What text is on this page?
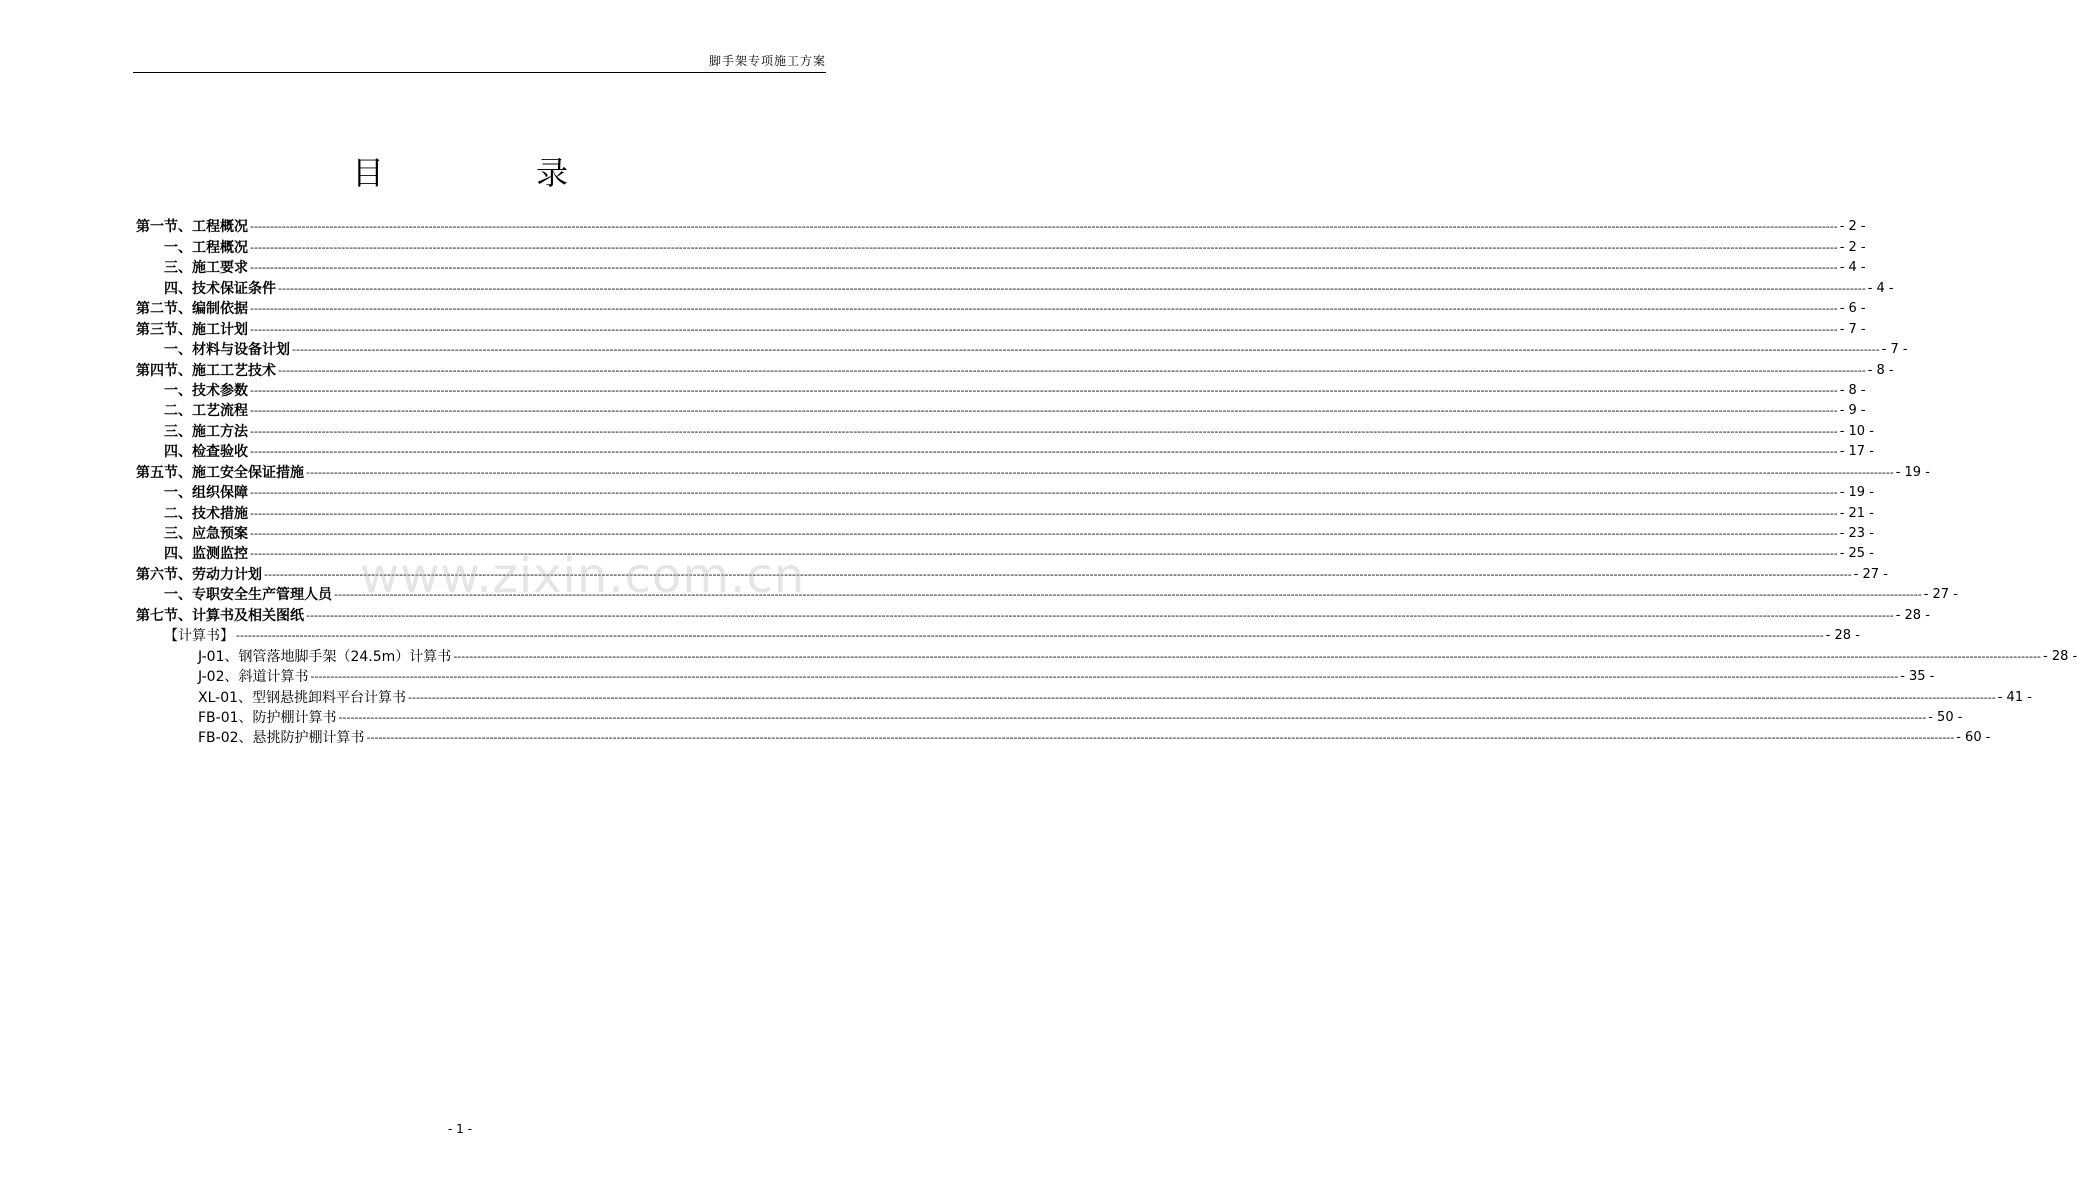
脚手架专项施工方案
目　录
第一节、工程概况 ---------------------------------------------------------------------------------------------------------------------------------------------------------------------------------------------------------------------------------------------------------------------------------------------------------------------------------------------------------------------------------------------------------------- - 2 -
一、工程概况 ---------------------------------------------------------------------------------------------------------------------------------------------------------------------------------------------------------------------------------------------------------------------------------------------------------------------------------------------------------------------------------------------------------------- - 2 -
三、施工要求 ---------------------------------------------------------------------------------------------------------------------------------------------------------------------------------------------------------------------------------------------------------------------------------------------------------------------------------------------------------------------------------------------------------------- - 4 -
四、技术保证条件 ---------------------------------------------------------------------------------------------------------------------------------------------------------------------------------------------------------------------------------------------------------------------------------------------------------------------------------------------------------------------------------------------------------------- - 4 -
第二节、编制依据 ---------------------------------------------------------------------------------------------------------------------------------------------------------------------------------------------------------------------------------------------------------------------------------------------------------------------------------------------------------------------------------------------------------------- - 6 -
第三节、施工计划 ---------------------------------------------------------------------------------------------------------------------------------------------------------------------------------------------------------------------------------------------------------------------------------------------------------------------------------------------------------------------------------------------------------------- - 7 -
一、材料与设备计划 ---------------------------------------------------------------------------------------------------------------------------------------------------------------------------------------------------------------------------------------------------------------------------------------------------------------------------------------------------------------------------------------------------------------- - 7 -
第四节、施工工艺技术 ---------------------------------------------------------------------------------------------------------------------------------------------------------------------------------------------------------------------------------------------------------------------------------------------------------------------------------------------------------------------------------------------------------------- - 8 -
一、技术参数 ---------------------------------------------------------------------------------------------------------------------------------------------------------------------------------------------------------------------------------------------------------------------------------------------------------------------------------------------------------------------------------------------------------------- - 8 -
二、工艺流程 ---------------------------------------------------------------------------------------------------------------------------------------------------------------------------------------------------------------------------------------------------------------------------------------------------------------------------------------------------------------------------------------------------------------- - 9 -
三、施工方法 ---------------------------------------------------------------------------------------------------------------------------------------------------------------------------------------------------------------------------------------------------------------------------------------------------------------------------------------------------------------------------------------------------------------- - 10 -
四、检查验收 ---------------------------------------------------------------------------------------------------------------------------------------------------------------------------------------------------------------------------------------------------------------------------------------------------------------------------------------------------------------------------------------------------------------- - 17 -
第五节、施工安全保证措施 ---------------------------------------------------------------------------------------------------------------------------------------------------------------------------------------------------------------------------------------------------------------------------------------------------------------------------------------------------------------------------------------------------------------- - 19 -
一、组织保障 ---------------------------------------------------------------------------------------------------------------------------------------------------------------------------------------------------------------------------------------------------------------------------------------------------------------------------------------------------------------------------------------------------------------- - 19 -
二、技术措施 ---------------------------------------------------------------------------------------------------------------------------------------------------------------------------------------------------------------------------------------------------------------------------------------------------------------------------------------------------------------------------------------------------------------- - 21 -
三、应急预案 ---------------------------------------------------------------------------------------------------------------------------------------------------------------------------------------------------------------------------------------------------------------------------------------------------------------------------------------------------------------------------------------------------------------- - 23 -
四、监测监控 ---------------------------------------------------------------------------------------------------------------------------------------------------------------------------------------------------------------------------------------------------------------------------------------------------------------------------------------------------------------------------------------------------------------- - 25 -
第六节、劳动力计划 ---------------------------------------------------------------------------------------------------------------------------------------------------------------------------------------------------------------------------------------------------------------------------------------------------------------------------------------------------------------------------------------------------------------- - 27 -
一、专职安全生产管理人员 ---------------------------------------------------------------------------------------------------------------------------------------------------------------------------------------------------------------------------------------------------------------------------------------------------------------------------------------------------------------------------------------------------------------- - 27 -
第七节、计算书及相关图纸 ---------------------------------------------------------------------------------------------------------------------------------------------------------------------------------------------------------------------------------------------------------------------------------------------------------------------------------------------------------------------------------------------------------------- - 28 -
【计算书】 ---------------------------------------------------------------------------------------------------------------------------------------------------------------------------------------------------------------------------------------------------------------------------------------------------------------------------------------------------------------------------------------------------------------- - 28 -
J-01、钢管落地脚手架（24.5m）计算书 ---------------------------------------------------------------------------------------------------------------------------------------------------------------------------------------------------------------------------------------------------------------------------------------------------------------------------------------------------------------------------------------------------------------- - 28 -
J-02、斜道计算书 ---------------------------------------------------------------------------------------------------------------------------------------------------------------------------------------------------------------------------------------------------------------------------------------------------------------------------------------------------------------------------------------------------------------- - 35 -
XL-01、型钢悬挑卸料平台计算书 ---------------------------------------------------------------------------------------------------------------------------------------------------------------------------------------------------------------------------------------------------------------------------------------------------------------------------------------------------------------------------------------------------------------- - 41 -
FB-01、防护棚计算书 ---------------------------------------------------------------------------------------------------------------------------------------------------------------------------------------------------------------------------------------------------------------------------------------------------------------------------------------------------------------------------------------------------------------- - 50 -
FB-02、悬挑防护棚计算书 ---------------------------------------------------------------------------------------------------------------------------------------------------------------------------------------------------------------------------------------------------------------------------------------------------------------------------------------------------------------------------------------------------------------- - 60 -
www.zixin.com.cn
- 1 -
